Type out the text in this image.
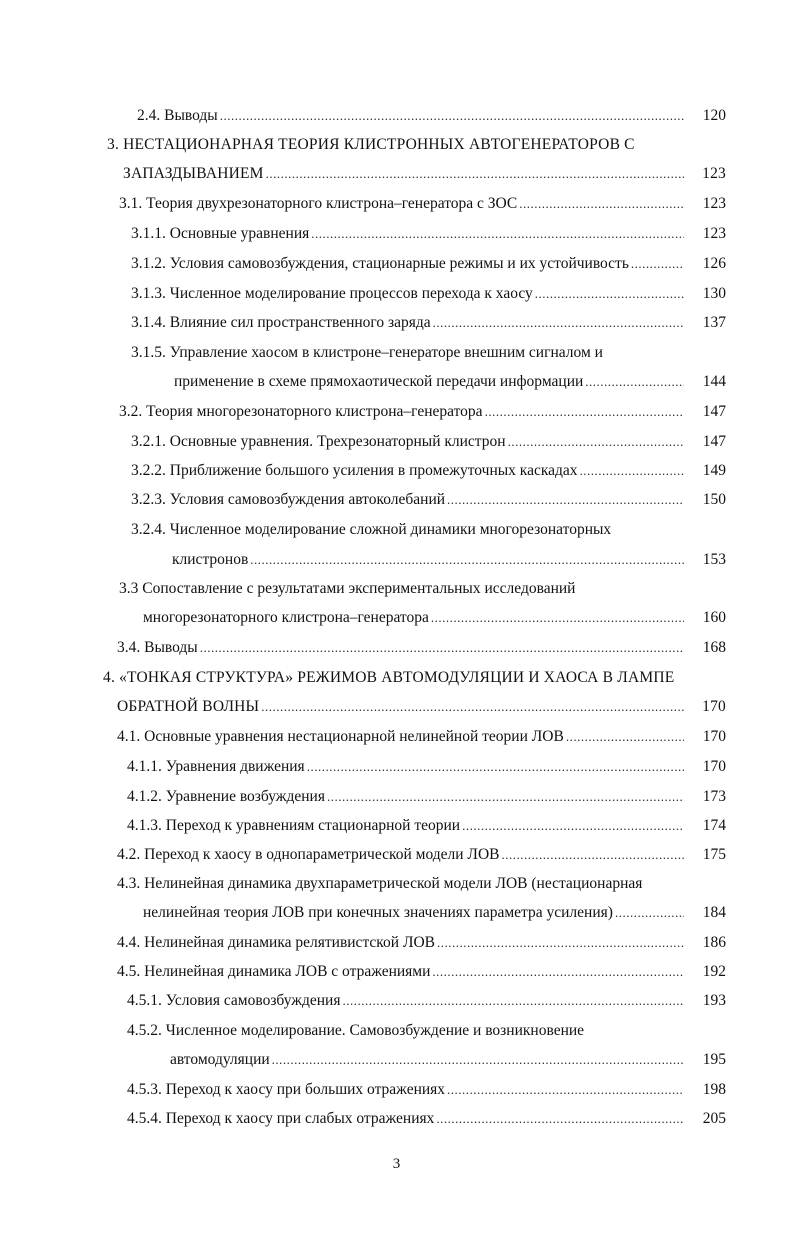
2.4. Выводы .....	120
3. НЕСТАЦИОНАРНАЯ ТЕОРИЯ КЛИСТРОННЫХ АВТОГЕНЕРАТОРОВ С
ЗАПАЗДЫВАНИЕМ .....	123
3.1. Теория двухрезонаторного клистрона–генератора с ЗОС .....	123
3.1.1. Основные уравнения .....	123
3.1.2. Условия самовозбуждения, стационарные режимы и их устойчивость .....	126
3.1.3. Численное моделирование процессов перехода к хаосу .....	130
3.1.4. Влияние сил пространственного заряда .....	137
3.1.5. Управление хаосом в клистроне–генераторе внешним сигналом и
применение в схеме прямохаотической передачи информации .....	144
3.2. Теория многорезонаторного клистрона–генератора .....	147
3.2.1. Основные уравнения. Трехрезонаторный клистрон .....	147
3.2.2. Приближение большого усиления в промежуточных каскадах .....	149
3.2.3. Условия самовозбуждения автоколебаний .....	150
3.2.4. Численное моделирование сложной динамики многорезонаторных
клистронов .....	153
3.3 Сопоставление с результатами экспериментальных исследований
многорезонаторного клистрона–генератора .....	160
3.4. Выводы .....	168
4. «ТОНКАЯ СТРУКТУРА» РЕЖИМОВ АВТОМОДУЛЯЦИИ И ХАОСА В ЛАМПЕ
ОБРАТНОЙ ВОЛНЫ .....	170
4.1. Основные уравнения нестационарной нелинейной теории ЛОВ .....	170
4.1.1. Уравнения движения .....	170
4.1.2. Уравнение возбуждения .....	173
4.1.3. Переход к уравнениям стационарной теории .....	174
4.2. Переход к хаосу в однопараметрической модели ЛОВ .....	175
4.3. Нелинейная динамика двухпараметрической модели ЛОВ (нестационарная
нелинейная теория ЛОВ при конечных значениях параметра усиления) .....	184
4.4. Нелинейная динамика релятивистской ЛОВ .....	186
4.5. Нелинейная динамика ЛОВ с отражениями .....	192
4.5.1. Условия самовозбуждения .....	193
4.5.2. Численное моделирование. Самовозбуждение и возникновение
автомодуляции .....	195
4.5.3. Переход к хаосу при больших отражениях .....	198
4.5.4. Переход к хаосу при слабых отражениях .....	205
3
